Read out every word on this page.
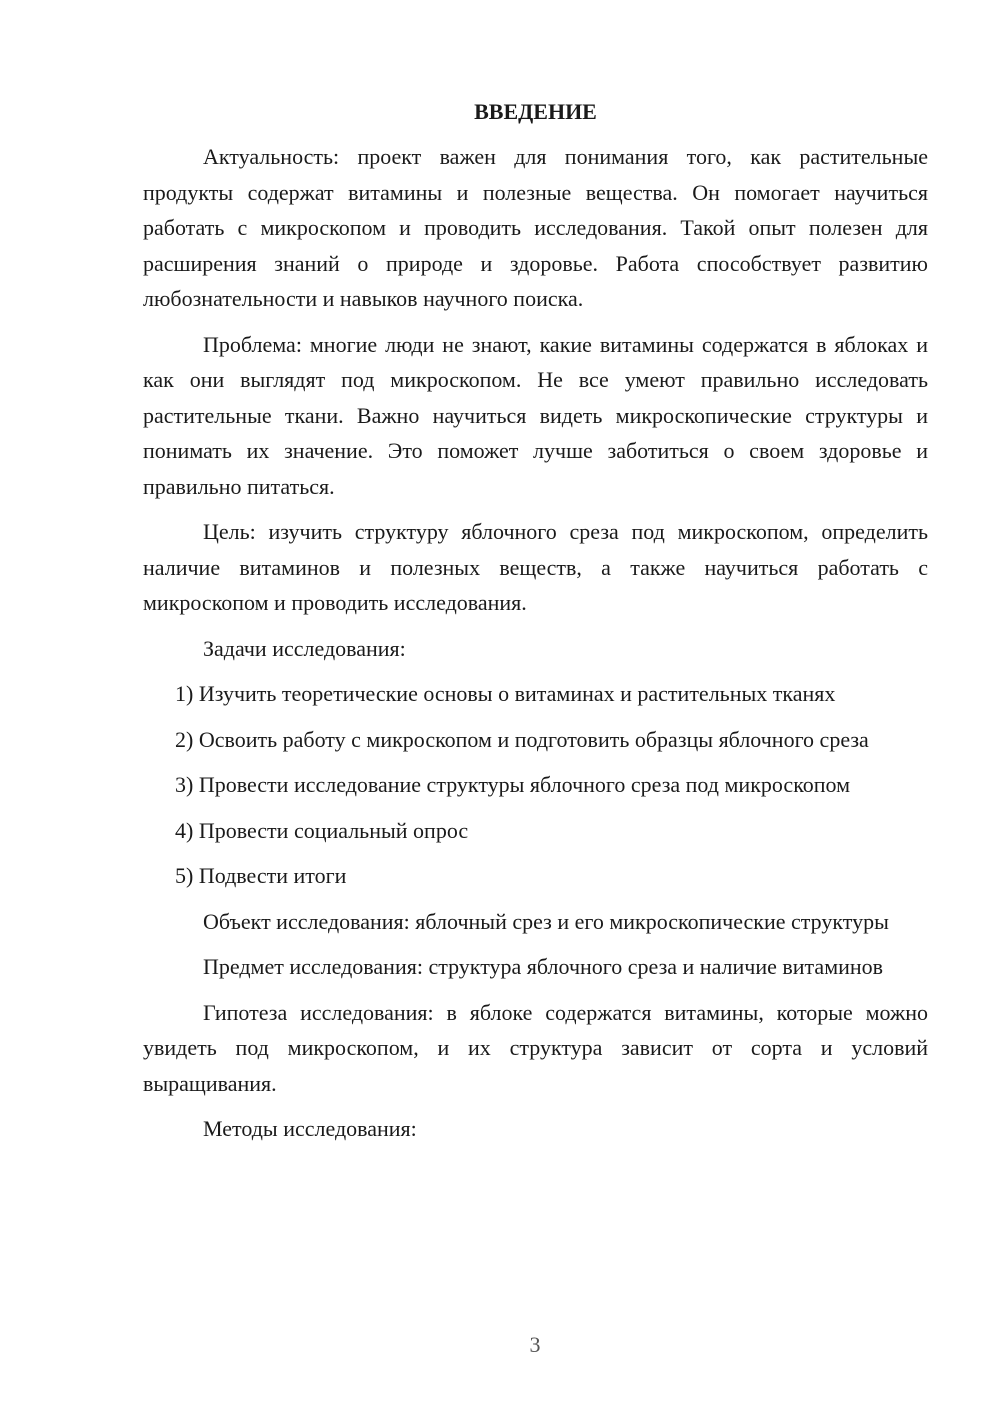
ВВЕДЕНИЕ

Актуальность: проект важен для понимания того, как растительные продукты содержат витамины и полезные вещества. Он помогает научиться работать с микроскопом и проводить исследования. Такой опыт полезен для расширения знаний о природе и здоровье. Работа способствует развитию любознательности и навыков научного поиска.

Проблема: многие люди не знают, какие витамины содержатся в яблоках и как они выглядят под микроскопом. Не все умеют правильно исследовать растительные ткани. Важно научиться видеть микроскопические структуры и понимать их значение. Это поможет лучше заботиться о своем здоровье и правильно питаться.

Цель: изучить структуру яблочного среза под микроскопом, определить наличие витаминов и полезных веществ, а также научиться работать с микроскопом и проводить исследования.

Задачи исследования:

1) Изучить теоретические основы о витаминах и растительных тканях

2) Освоить работу с микроскопом и подготовить образцы яблочного среза

3) Провести исследование структуры яблочного среза под микроскопом

4) Провести социальный опрос

5) Подвести итоги

Объект исследования: яблочный срез и его микроскопические структуры

Предмет исследования: структура яблочного среза и наличие витаминов

Гипотеза исследования: в яблоке содержатся витамины, которые можно увидеть под микроскопом, и их структура зависит от сорта и условий выращивания.

Методы исследования:

3
